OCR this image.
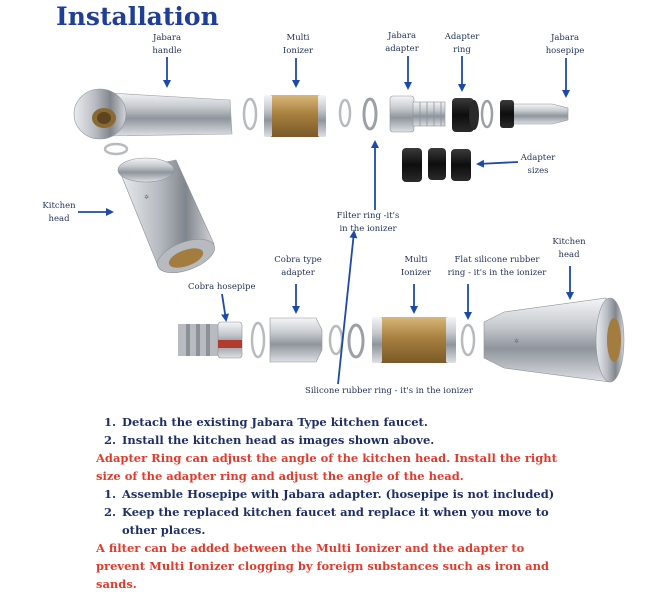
Installation
✲
✲
Jabara
handle
Multi
Ionizer
Jabara
adapter
Adapter
ring
Jabara
hosepipe
Adapter
sizes
Kitchen
head	Filter ring -it's
in the ionizer
Cobra type
adapter
Multi
Ionizer
Flat silicone rubber
ring - it's in the ionizer
Kitchen
head
Cobra hosepipe
Silicone rubber ring - it's in the ionizer
1. Detach the existing Jabara Type kitchen faucet.
2. Install the kitchen head as images shown above.

Adapter Ring can adjust the angle of the kitchen head. Install the right size of the adapter ring and adjust the angle of the head.

1. Assemble Hosepipe with Jabara adapter. (hosepipe is not included)
2. Keep the replaced kitchen faucet and replace it when you move to other places.

A filter can be added between the Multi Ionizer and the adapter to prevent Multi Ionizer clogging by foreign substances such as iron and sands.
